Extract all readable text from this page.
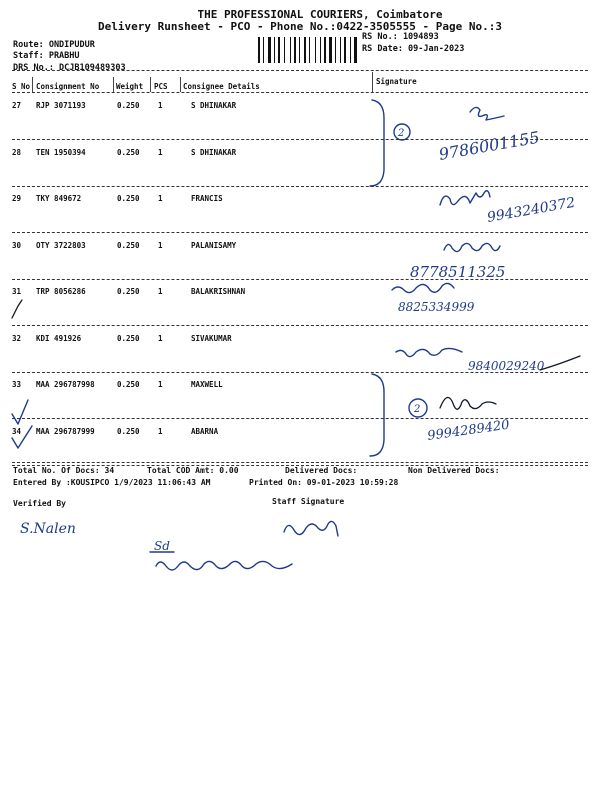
THE PROFESSIONAL COURIERS, Coimbatore
Delivery Runsheet - PCO - Phone No.:0422-3505555 - Page No.:3
Route: ONDIPUDUR
Staff: PRABHU
DRS No.: DCJB109489303
RS No.: 1094893
RS Date: 09-Jan-2023
S No Consignment No Weight PCS Consignee Details
Signature
27 RJP 3071193	0.250 1	S DHINAKAR
28 TEN 1950394	0.250 1	S DHINAKAR
29 TKY 849672	0.250 1	FRANCIS
30 OTY 3722803	0.250 1	PALANISAMY
31 TRP 8056286	0.250 1	BALAKRISHNAN
32 KDI 491926	0.250 1	SIVAKUMAR
33 MAA 296787998	0.250 1	MAXWELL
34 MAA 296787999	0.250 1	ABARNA
Total No. Of Docs: 34	Total COD Amt: 0.00	Delivered Docs:	Non Delivered Docs:
Entered By :KOUSIPCO 1/9/2023 11:06:43 AM	Printed On: 09-01-2023 10:59:28
Verified By	Staff Signature
2 9786001155
9943240372
8778511325
8825334999
9840029240
2
9994289420
S.Nalen
Sd
